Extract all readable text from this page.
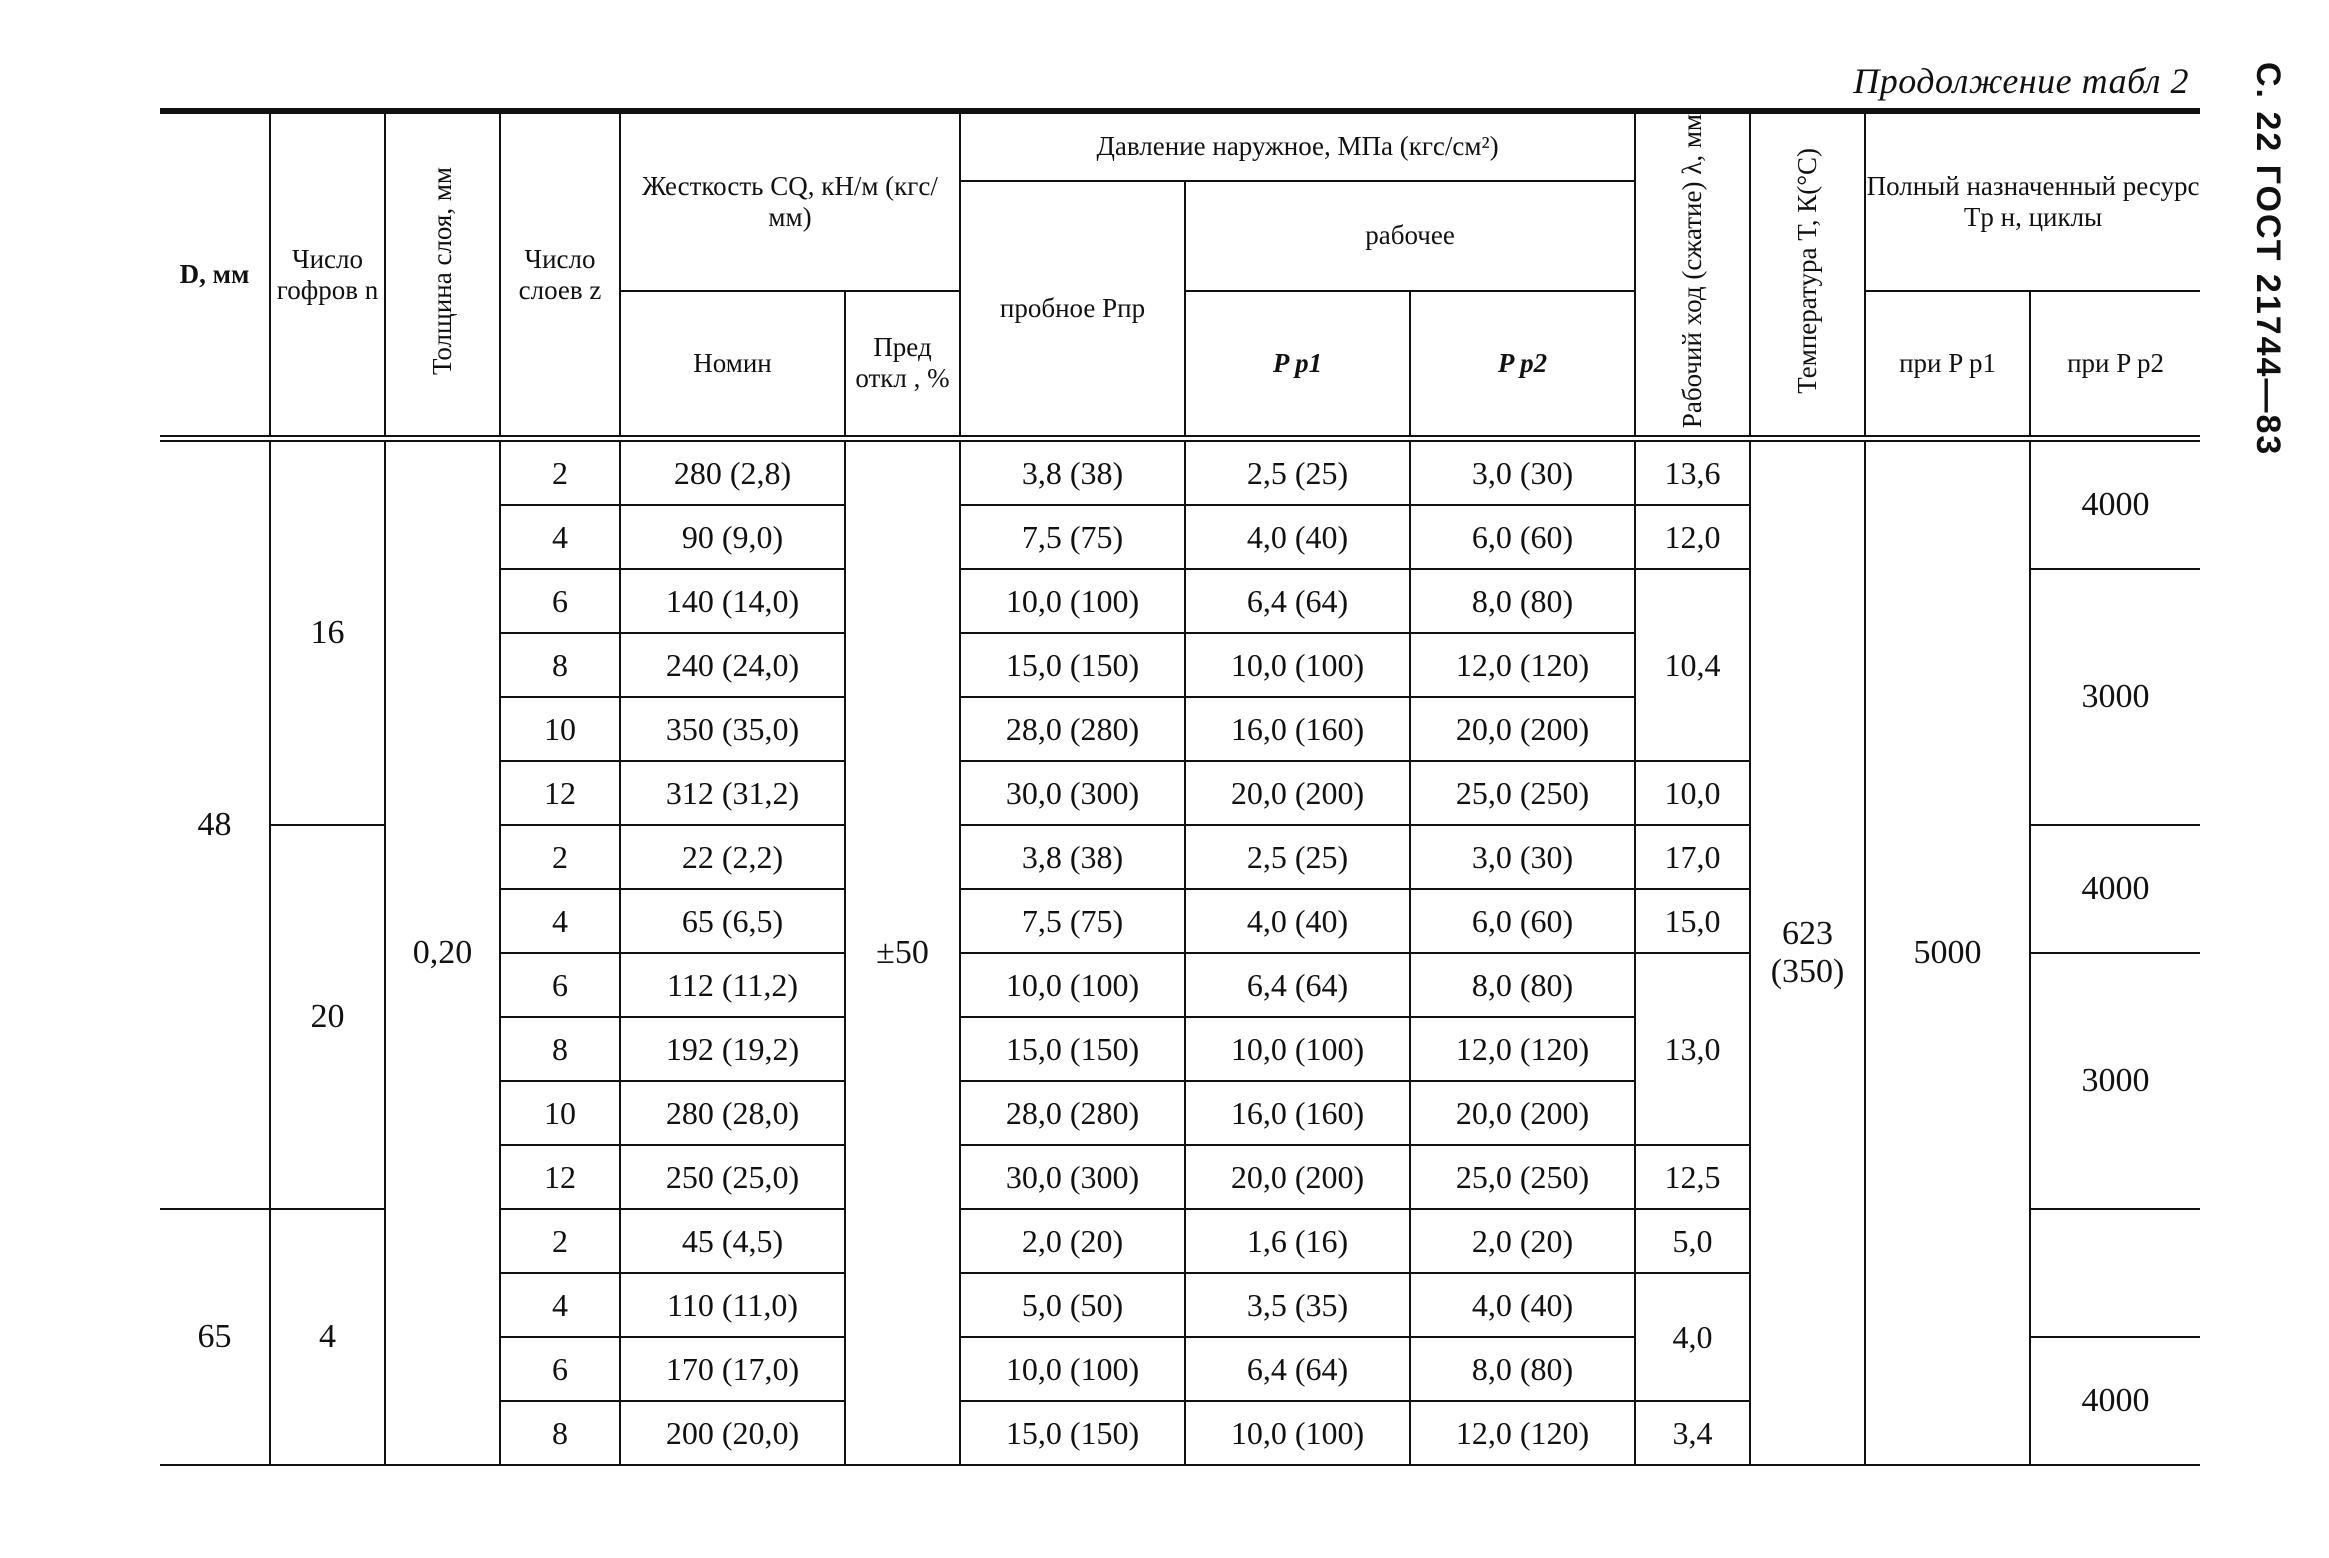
Продолжение табл 2 С. 22 ГОСТ 21744—83
D, мм	Число гофров n	Толщина слоя, мм	Число слоев z	Жесткость CQ, кН/м (кгс/мм)		Давление наружное, МПа (кгс/см²)			Рабочий ход (сжатие) λ, мм	Температура T, К(°С)	Полный назначенный ресурс Tр н, циклы	
						пробное Pпр	рабочее					
				Номин	Пред откл , %		P р1	P р2			при P р1	при P р2
48	16	0,20	2	280 (2,8)	±50	3,8 (38)	2,5 (25)	3,0 (30)	13,6	623 (350)	5000	4000
			4	90 (9,0)		7,5 (75)	4,0 (40)	6,0 (60)	12,0			
			6	140 (14,0)		10,0 (100)	6,4 (64)	8,0 (80)	10,4			3000
			8	240 (24,0)		15,0 (150)	10,0 (100)	12,0 (120)				
			10	350 (35,0)		28,0 (280)	16,0 (160)	20,0 (200)				
			12	312 (31,2)		30,0 (300)	20,0 (200)	25,0 (250)	10,0			
	20		2	22 (2,2)		3,8 (38)	2,5 (25)	3,0 (30)	17,0			4000
			4	65 (6,5)		7,5 (75)	4,0 (40)	6,0 (60)	15,0			
			6	112 (11,2)		10,0 (100)	6,4 (64)	8,0 (80)	13,0			3000
			8	192 (19,2)		15,0 (150)	10,0 (100)	12,0 (120)				
			10	280 (28,0)		28,0 (280)	16,0 (160)	20,0 (200)				
			12	250 (25,0)		30,0 (300)	20,0 (200)	25,0 (250)	12,5			
65	4		2	45 (4,5)		2,0 (20)	1,6 (16)	2,0 (20)	5,0			
			4	110 (11,0)		5,0 (50)	3,5 (35)	4,0 (40)	4,0			
			6	170 (17,0)		10,0 (100)	6,4 (64)	8,0 (80)				4000
			8	200 (20,0)		15,0 (150)	10,0 (100)	12,0 (120)	3,4			
